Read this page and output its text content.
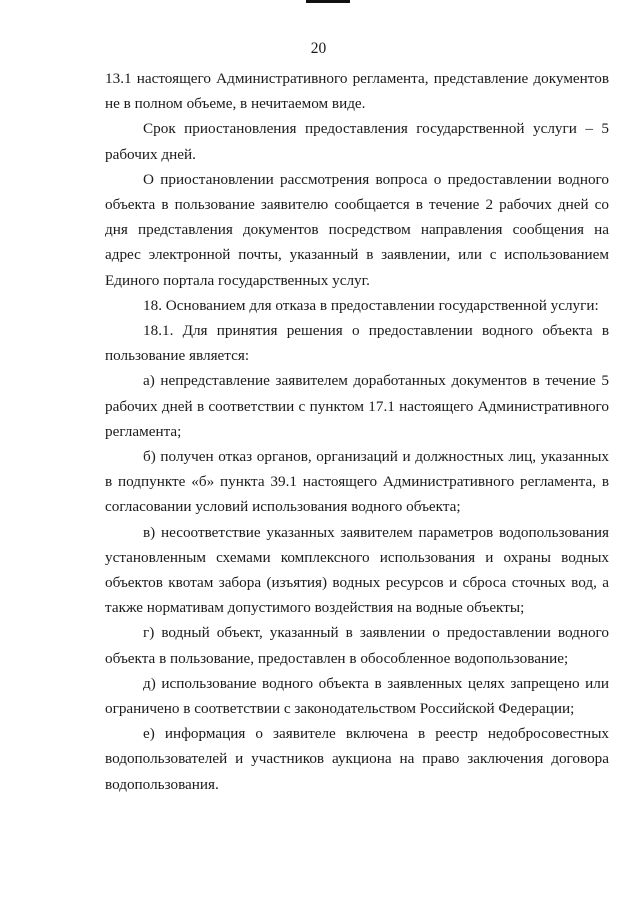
20

13.1 настоящего Административного регламента, представление документов не в полном объеме, в нечитаемом виде.

Срок приостановления предоставления государственной услуги – 5 рабочих дней.

О приостановлении рассмотрения вопроса о предоставлении водного объекта в пользование заявителю сообщается в течение 2 рабочих дней со дня представления документов посредством направления сообщения на адрес электронной почты, указанный в заявлении, или с использованием Единого портала государственных услуг.

18. Основанием для отказа в предоставлении государственной услуги:

18.1. Для принятия решения о предоставлении водного объекта в пользование является:

а) непредставление заявителем доработанных документов в течение 5 рабочих дней в соответствии с пунктом 17.1 настоящего Административного регламента;

б) получен отказ органов, организаций и должностных лиц, указанных в подпункте «б» пункта 39.1 настоящего Административного регламента, в согласовании условий использования водного объекта;

в) несоответствие указанных заявителем параметров водопользования установленным схемами комплексного использования и охраны водных объектов квотам забора (изъятия) водных ресурсов и сброса сточных вод, а также нормативам допустимого воздействия на водные объекты;

г) водный объект, указанный в заявлении о предоставлении водного объекта в пользование, предоставлен в обособленное водопользование;

д) использование водного объекта в заявленных целях запрещено или ограничено в соответствии с законодательством Российской Федерации;

е) информация о заявителе включена в реестр недобросовестных водопользователей и участников аукциона на право заключения договора водопользования.
